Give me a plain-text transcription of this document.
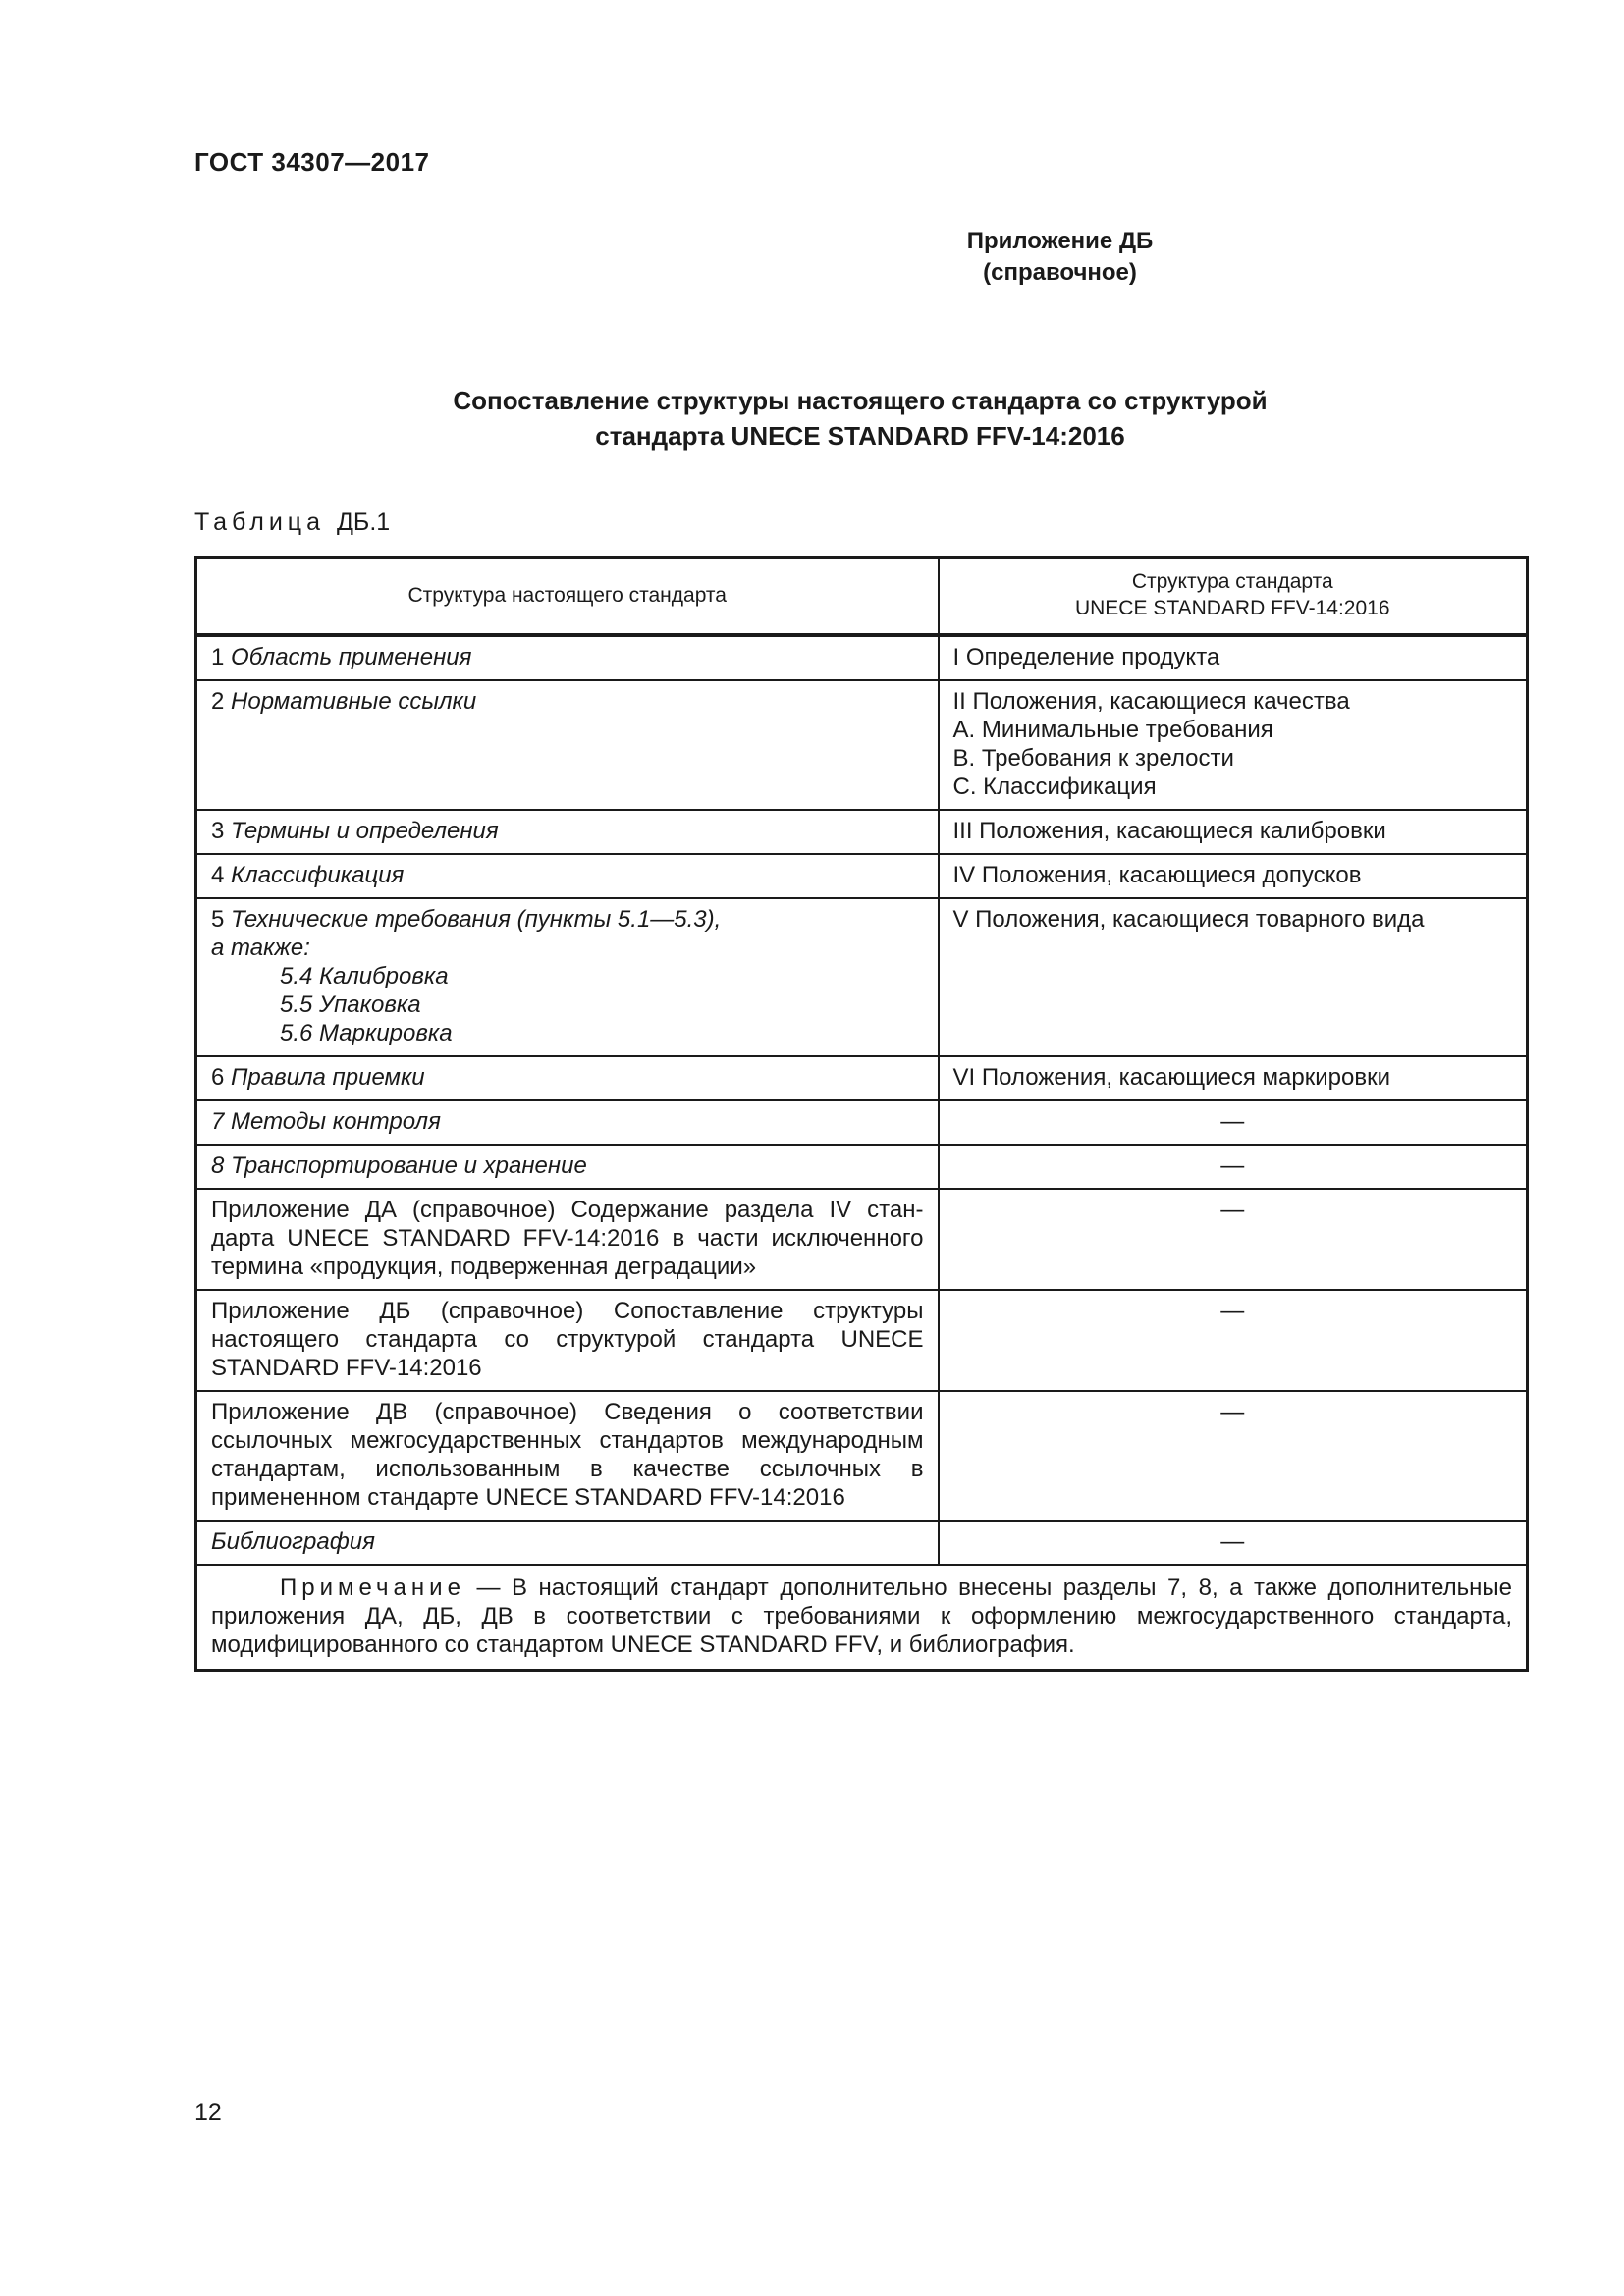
ГОСТ 34307—2017
Приложение ДБ
(справочное)
Сопоставление структуры настоящего стандарта со структурой
стандарта UNECE STANDARD FFV-14:2016
Таблица ДБ.1
Структура настоящего стандарта	Структура стандарта
UNECE STANDARD FFV-14:2016

1 Область применения	I Определение продукта
2 Нормативные ссылки	II Положения, касающиеся качества
A. Минимальные требования
B. Требования к зрелости
C. Классификация

3 Термины и определения	III Положения, касающиеся калибровки
4 Классификация	IV Положения, касающиеся допусков

5 Технические требования (пункты 5.1—5.3),
а также:
5.4 Калибровка
5.5 Упаковка
5.6 Маркировка	V Положения, касающиеся товарного вида
6 Правила приемки	VI Положения, касающиеся маркировки
7 Методы контроля	—
8 Транспортирование и хранение	—
Приложение ДА (справочное) Содержание раздела IV стан-дарта UNECE STANDARD FFV-14:2016 в части исключенного термина «продукция, подверженная деградации»	—
Приложение ДБ (справочное) Сопоставление структуры настоящего стандарта со структурой стандарта UNECE STANDARD FFV-14:2016	—
Приложение ДВ (справочное) Сведения о соответствии ссылочных межгосударственных стандартов международным стандартам, использованным в качестве ссылочных в примененном стандарте UNECE STANDARD FFV-14:2016	—
Библиография	—
Примечание — В настоящий стандарт дополнительно внесены разделы 7, 8, а также дополнительные приложения ДА, ДБ, ДВ в соответствии с требованиями к оформлению межгосударственного стандарта, модифицированного со стандартом UNECE STANDARD FFV, и библиография.	
12
